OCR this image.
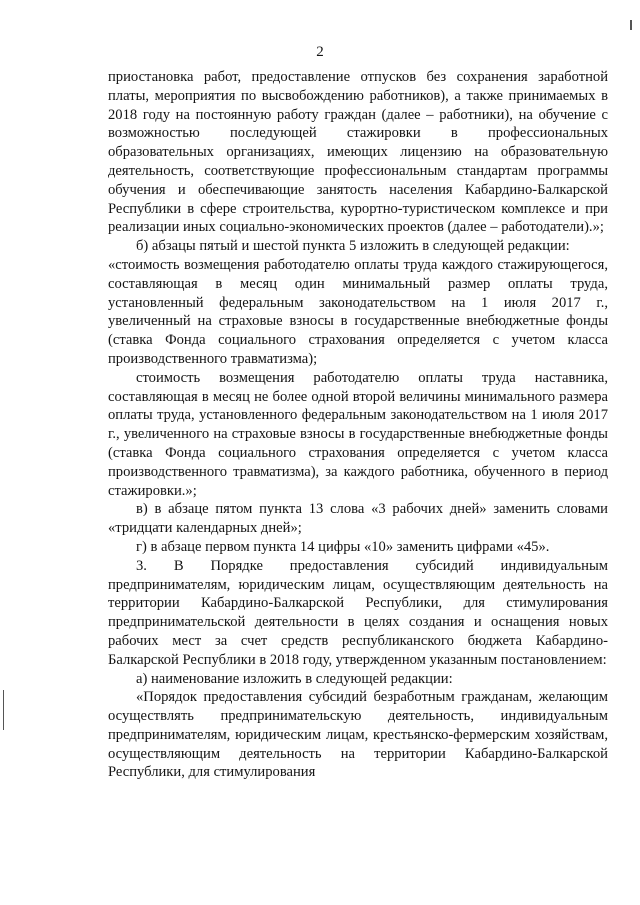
2

приостановка работ, предоставление отпусков без сохранения заработной платы, мероприятия по высвобождению работников), а также принимаемых в 2018 году на постоянную работу граждан (далее – работники), на обучение с возможностью последующей стажировки в профессиональных образовательных организациях, имеющих лицензию на образовательную деятельность, соответствующие профессиональным стандартам программы обучения и обеспечивающие занятость населения Кабардино-Балкарской Республики в сфере строительства, курортно-туристическом комплексе и при реализации иных социально-экономических проектов (далее – работодатели).»;

б) абзацы пятый и шестой пункта 5 изложить в следующей редакции:

«стоимость возмещения работодателю оплаты труда каждого стажирующегося, составляющая в месяц один минимальный размер оплаты труда, установленный федеральным законодательством на 1 июля 2017 г., увеличенный на страховые взносы в государственные внебюджетные фонды (ставка Фонда социального страхования определяется с учетом класса производственного травматизма);

стоимость возмещения работодателю оплаты труда наставника, составляющая в месяц не более одной второй величины минимального размера оплаты труда, установленного федеральным законодательством на 1 июля 2017 г., увеличенного на страховые взносы в государственные внебюджетные фонды (ставка Фонда социального страхования определяется с учетом класса производственного травматизма), за каждого работника, обученного в период стажировки.»;

в) в абзаце пятом пункта 13 слова «3 рабочих дней» заменить словами «тридцати календарных дней»;

г) в абзаце первом пункта 14 цифры «10» заменить цифрами «45».

3. В Порядке предоставления субсидий индивидуальным предпринимателям, юридическим лицам, осуществляющим деятельность на территории Кабардино-Балкарской Республики, для стимулирования предпринимательской деятельности в целях создания и оснащения новых рабочих мест за счет средств республиканского бюджета Кабардино-Балкарской Республики в 2018 году, утвержденном указанным постановлением:

а) наименование изложить в следующей редакции:

«Порядок предоставления субсидий безработным гражданам, желающим осуществлять предпринимательскую деятельность, индивидуальным предпринимателям, юридическим лицам, крестьянско-фермерским хозяйствам, осуществляющим деятельность на территории Кабардино-Балкарской Республики, для стимулирования
